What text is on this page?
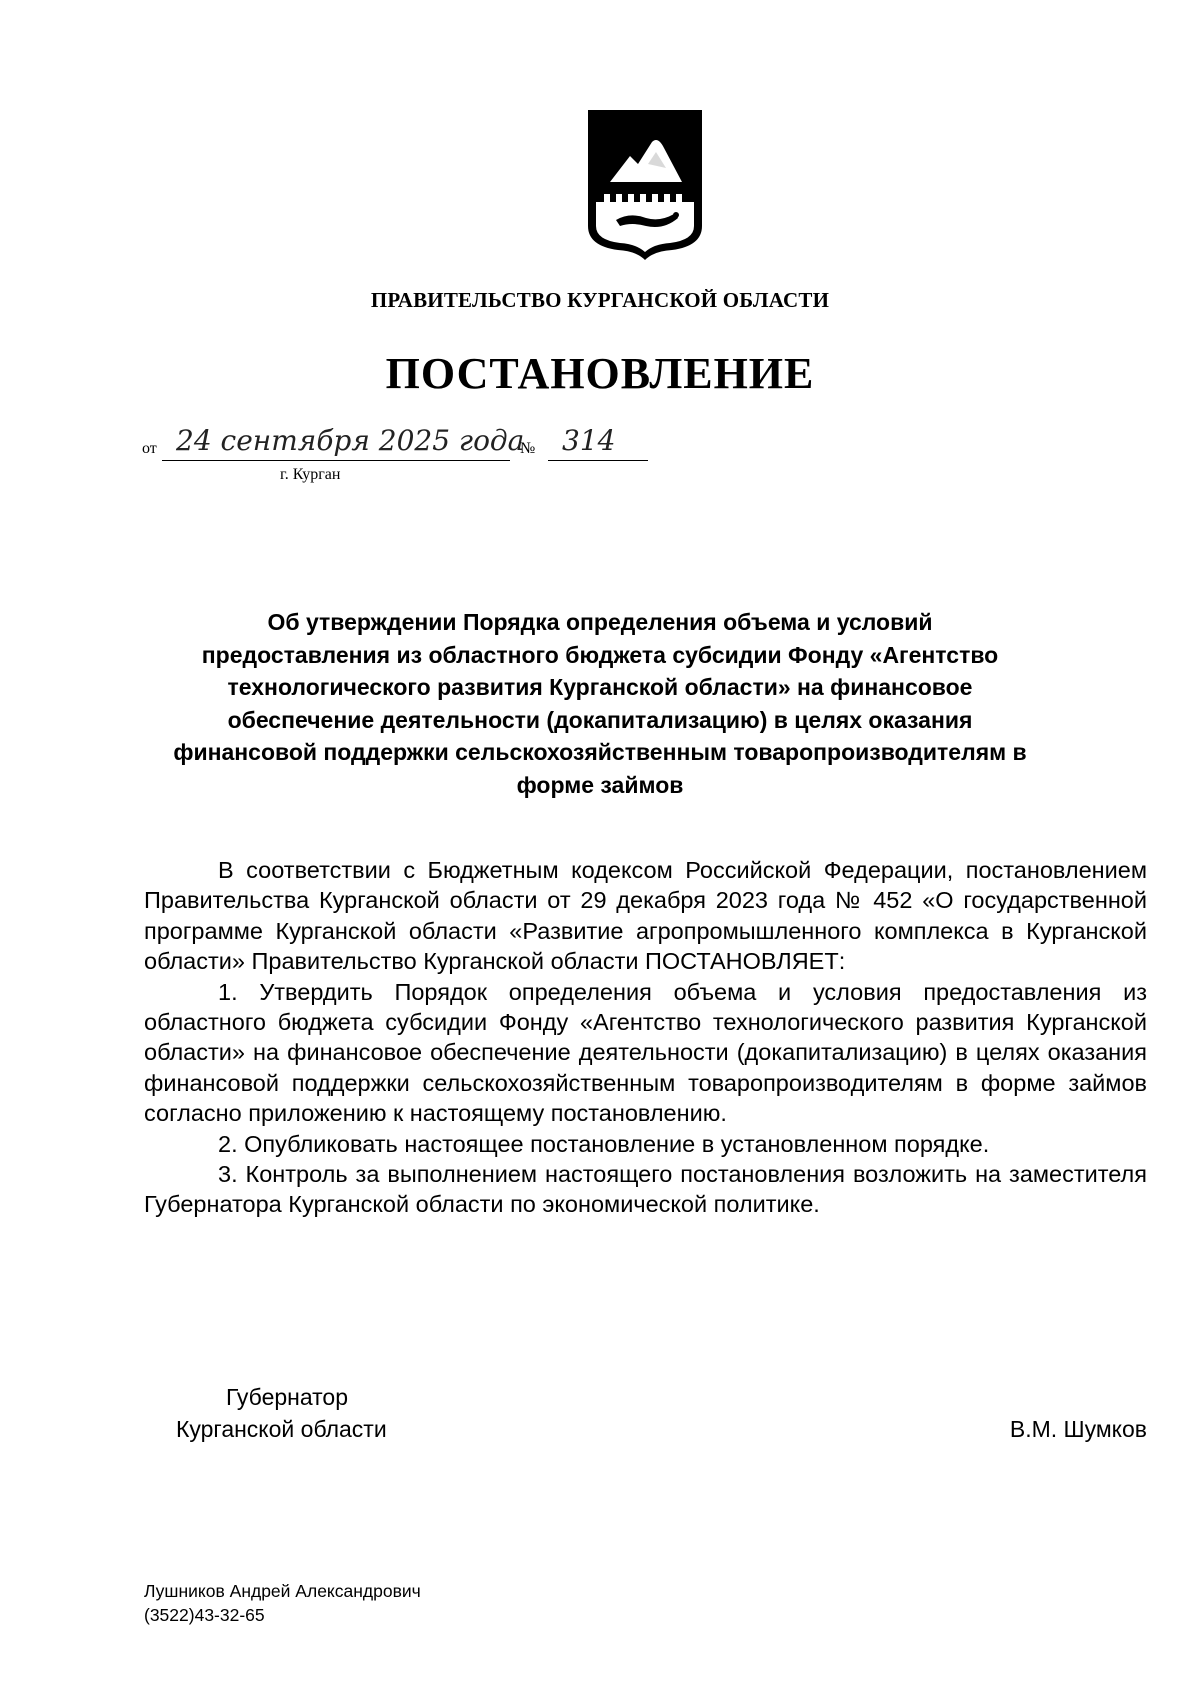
ПРАВИТЕЛЬСТВО КУРГАНСКОЙ ОБЛАСТИ
ПОСТАНОВЛЕНИЕ
от 24 сентября 2025 года
№ 314
г. Курган
Об утверждении Порядка определения объема и условий
предоставления из областного бюджета субсидии Фонду «Агентство
технологического развития Курганской области» на финансовое
обеспечение деятельности (докапитализацию) в целях оказания
финансовой поддержки сельскохозяйственным товаропроизводителям в
форме займов

В соответствии с Бюджетным кодексом Российской Федерации, постановлением Правительства Курганской области от 29 декабря 2023 года № 452 «О государственной программе Курганской области «Развитие агропромышленного комплекса в Курганской области» Правительство Курганской области ПОСТАНОВЛЯЕТ:

1. Утвердить Порядок определения объема и условия предоставления из областного бюджета субсидии Фонду «Агентство технологического развития Курганской области» на финансовое обеспечение деятельности (докапитализацию) в целях оказания финансовой поддержки сельскохозяйственным товаропроизводителям в форме займов согласно приложению к настоящему постановлению.

2. Опубликовать настоящее постановление в установленном порядке.

3. Контроль за выполнением настоящего постановления возложить на заместителя Губернатора Курганской области по экономической политике.

Губернатор
Курганской области	В.М. Шумков
Лушников Андрей Александрович
(3522)43-32-65
